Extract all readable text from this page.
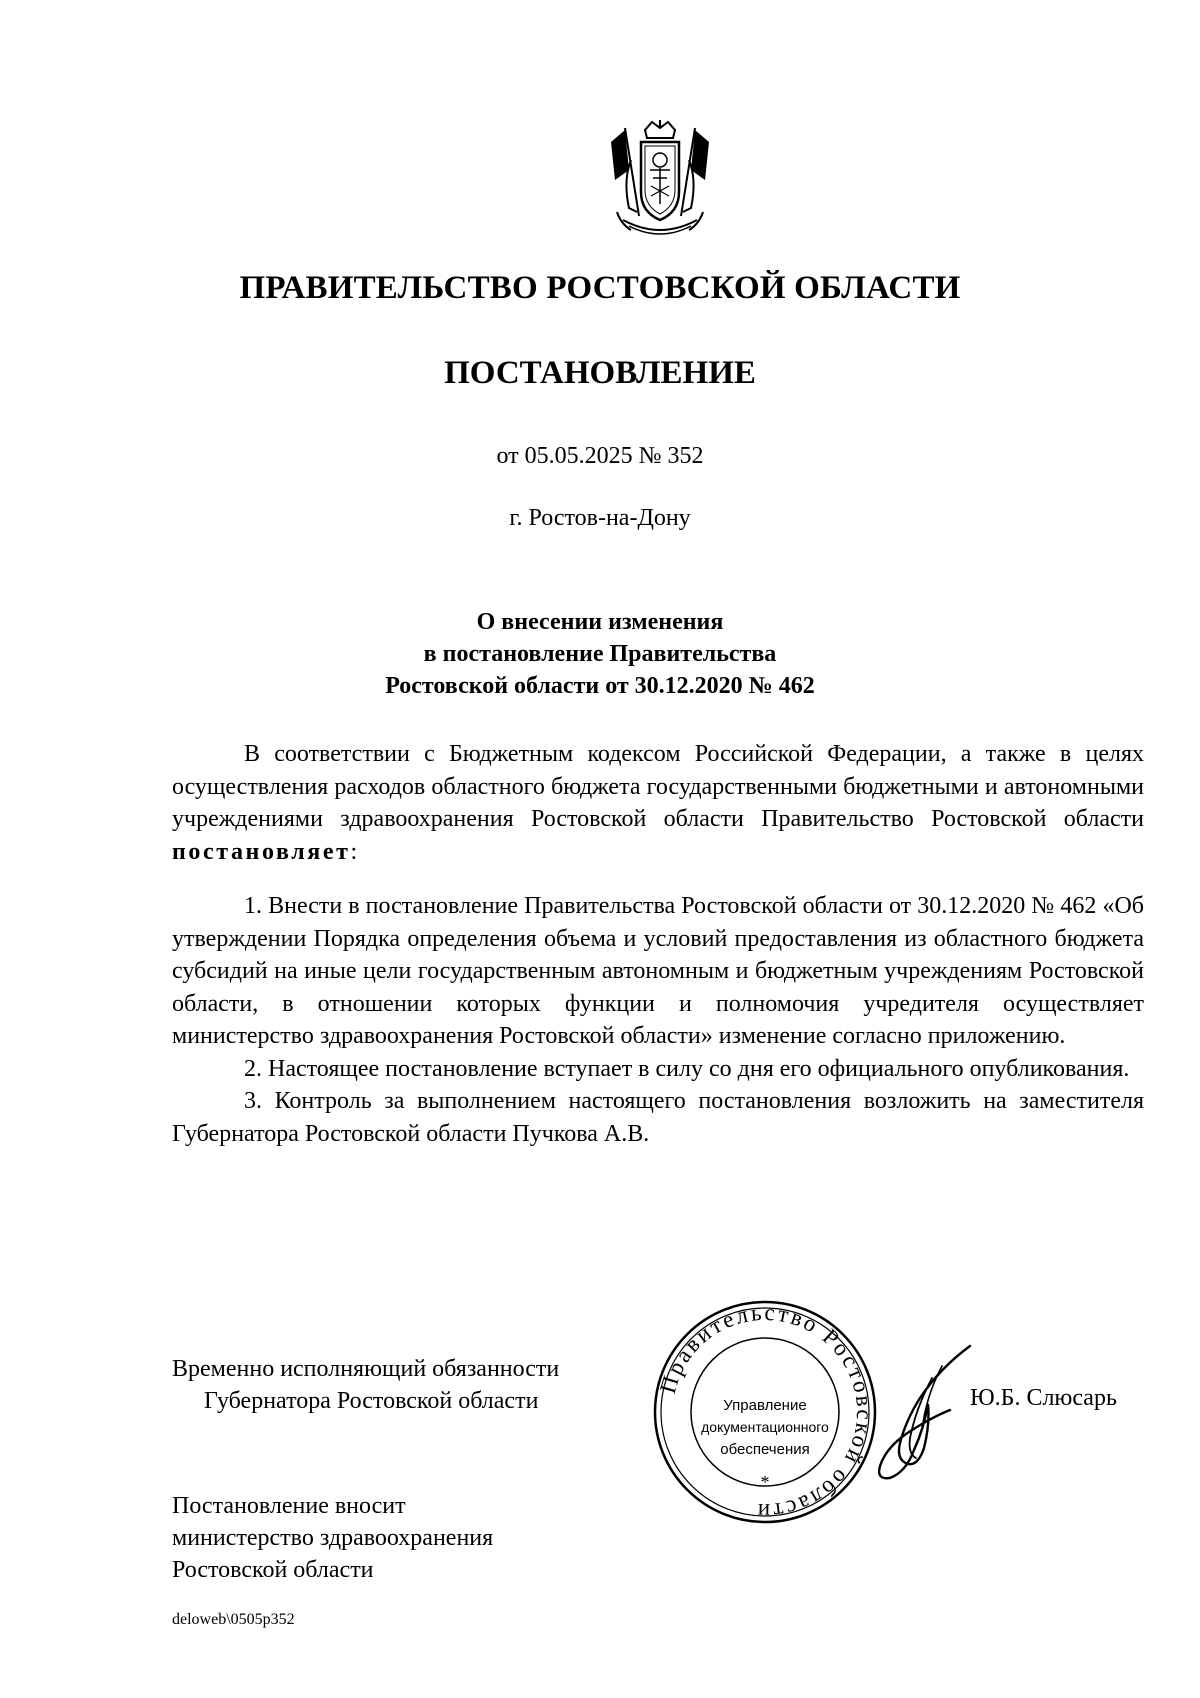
ПРАВИТЕЛЬСТВО РОСТОВСКОЙ ОБЛАСТИ
ПОСТАНОВЛЕНИЕ
от 05.05.2025 № 352
г. Ростов-на-Дону
О внесении изменения
в постановление Правительства
Ростовской области от 30.12.2020 № 462

В соответствии с Бюджетным кодексом Российской Федерации, а также в целях осуществления расходов областного бюджета государственными бюджетными и автономными учреждениями здравоохранения Ростовской области Правительство Ростовской области постановляет:

1. Внести в постановление Правительства Ростовской области от 30.12.2020 № 462 «Об утверждении Порядка определения объема и условий предоставления из областного бюджета субсидий на иные цели государственным автономным и бюджетным учреждениям Ростовской области, в отношении которых функции и полномочия учредителя осуществляет министерство здравоохранения Ростовской области» изменение согласно приложению.

2. Настоящее постановление вступает в силу со дня его официального опубликования.

3. Контроль за выполнением настоящего постановления возложить на заместителя Губернатора Ростовской области Пучкова А.В.

Временно исполняющий обязанности
Губернатора Ростовской области
Правительство Ростовской области
*
Управление
документационного
обеспечения
Ю.Б. Слюсарь
Постановление вносит
министерство здравоохранения
Ростовской области
deloweb\0505p352
